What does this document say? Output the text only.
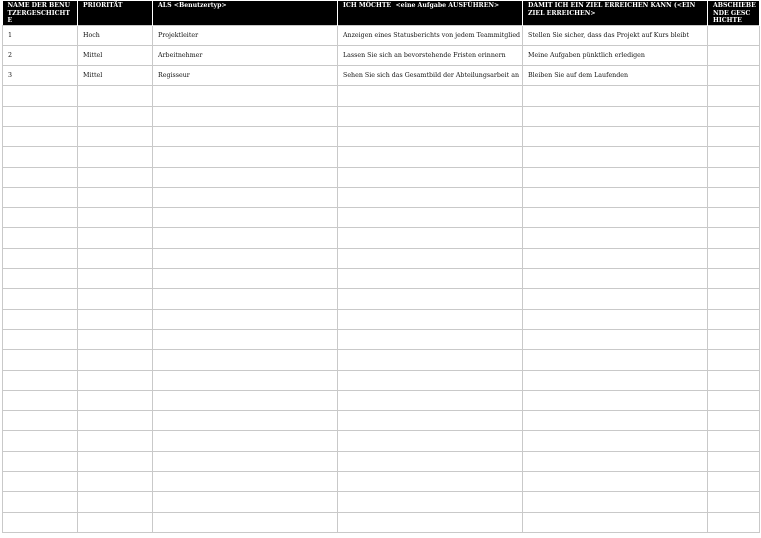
NAME DER BENUTZERGESCHICHTE	PRIORITÄT	ALS <Benutzertyp>	ICH MÖCHTE  <eine Aufgabe AUSFÜHREN>	DAMIT ICH EIN ZIEL ERREICHEN KANN (<EIN ZIEL ERREICHEN>	ABSCHIEBENDE GESCHICHTE
1	Hoch	Projektleiter	Anzeigen eines Statusberichts von jedem Teammitglied	Stellen Sie sicher, dass das Projekt auf Kurs bleibt	
2	Mittel	Arbeitnehmer	Lassen Sie sich an bevorstehende Fristen erinnern	Meine Aufgaben pünktlich erledigen	
3	Mittel	Regisseur	Sehen Sie sich das Gesamtbild der Abteilungsarbeit an	Bleiben Sie auf dem Laufenden	
